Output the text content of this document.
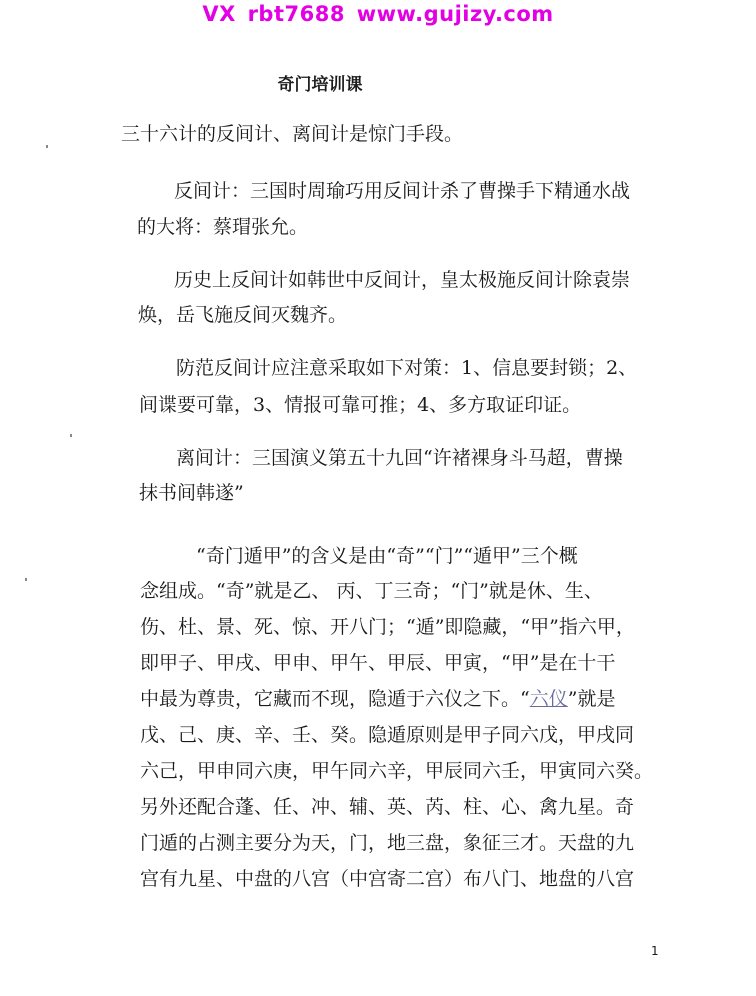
VX rbt7688 www.gujizy.com
奇门培训课
三十六计的反间计、离间计是惊门手段。
反间计：三国时周瑜巧用反间计杀了曹操手下精通水战
的大将：蔡瑁张允。
历史上反间计如韩世中反间计，皇太极施反间计除袁崇
焕，岳飞施反间灭魏齐。
防范反间计应注意采取如下对策：1、信息要封锁；2、
间谍要可靠，3、情报可靠可推；4、多方取证印证。
离间计：三国演义第五十九回“许褚裸身斗马超，曹操
抹书间韩遂”
“奇门遁甲”的含义是由“奇”“门”“遁甲”三个概
念组成。“奇”就是乙、 丙、丁三奇；“门”就是休、生、
伤、杜、景、死、惊、开八门；“遁”即隐藏，“甲”指六甲，
即甲子、甲戌、甲申、甲午、甲辰、甲寅，“甲”是在十干
中最为尊贵，它藏而不现，隐遁于六仪之下。“六仪”就是
戊、己、庚、辛、壬、癸。隐遁原则是甲子同六戊，甲戌同
六己，甲申同六庚，甲午同六辛，甲辰同六壬，甲寅同六癸。
另外还配合蓬、任、冲、辅、英、芮、柱、心、禽九星。奇
门遁的占测主要分为天，门，地三盘，象征三才。天盘的九
宫有九星、中盘的八宫（中宫寄二宫）布八门、地盘的八宫
1
